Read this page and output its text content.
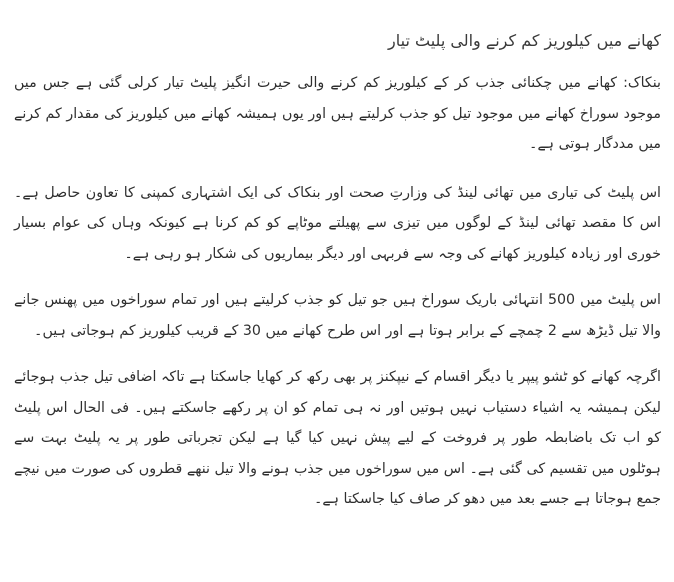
کھانے میں کیلوریز کم کرنے والی پلیٹ تیار

بنکاک: کھانے میں چکنائی جذب کر کے کیلوریز کم کرنے والی حیرت انگیز پلیٹ تیار کرلی گئی ہے جس میں موجود سوراخ کھانے میں موجود تیل کو جذب کرلیتے ہیں اور یوں ہمیشہ کھانے میں کیلوریز کی مقدار کم کرنے میں مددگار ہوتی ہے۔

اس پلیٹ کی تیاری میں تھائی لینڈ کی وزارتِ صحت اور بنکاک کی ایک اشتہاری کمپنی کا تعاون حاصل ہے۔ اس کا مقصد تھائی لینڈ کے لوگوں میں تیزی سے پھیلتے موٹاپے کو کم کرنا ہے کیونکہ وہاں کی عوام بسیار خوری اور زیادہ کیلوریز کھانے کی وجہ سے فربہی اور دیگر بیماریوں کی شکار ہو رہی ہے۔

اس پلیٹ میں 500 انتہائی باریک سوراخ ہیں جو تیل کو جذب کرلیتے ہیں اور تمام سوراخوں میں پھنس جانے والا تیل ڈیڑھ سے 2 چمچے کے برابر ہوتا ہے اور اس طرح کھانے میں 30 کے قریب کیلوریز کم ہوجاتی ہیں۔

اگرچہ کھانے کو ٹشو پیپر یا دیگر اقسام کے نیپکنز پر بھی رکھ کر کھایا جاسکتا ہے تاکہ اضافی تیل جذب ہوجائے لیکن ہمیشہ یہ اشیاء دستیاب نہیں ہوتیں اور نہ ہی تمام کو ان پر رکھے جاسکتے ہیں۔ فی الحال اس پلیٹ کو اب تک باضابطہ طور پر فروخت کے لیے پیش نہیں کیا گیا ہے لیکن تجرباتی طور پر یہ پلیٹ بہت سے ہوٹلوں میں تقسیم کی گئی ہے۔ اس میں سوراخوں میں جذب ہونے والا تیل ننھے قطروں کی صورت میں نیچے جمع ہوجاتا ہے جسے بعد میں دھو کر صاف کیا جاسکتا ہے۔
